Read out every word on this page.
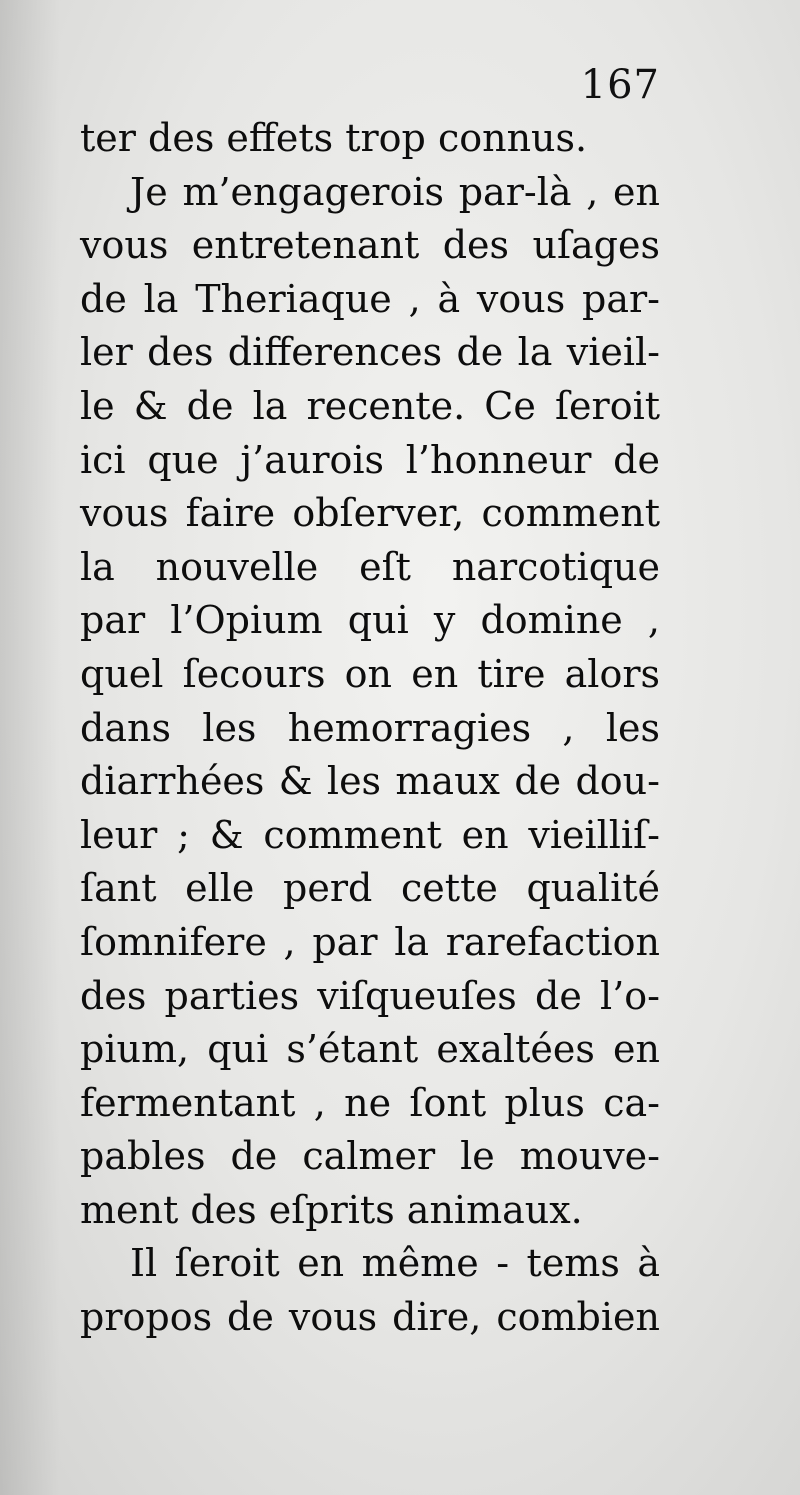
167
ter des effets trop connus.
Je m’engagerois par-là , en
vous entretenant des uſages
de la Theriaque , à vous par-
ler des differences de la vieil-
le & de la recente. Ce ſeroit
ici que j’aurois l’honneur de
vous faire obſerver, comment
la nouvelle eſt narcotique
par l’Opium qui y domine ,
quel ſecours on en tire alors
dans les hemorragies , les
diarrhées & les maux de dou-
leur ; & comment en vieilliſ-
ſant elle perd cette qualité
ſomnifere , par la rarefaction
des parties viſqueuſes de l’o-
pium, qui s’étant exaltées en
fermentant , ne ſont plus ca-
pables de calmer le mouve-
ment des eſprits animaux.
Il ſeroit en même - tems à
propos de vous dire, combien
